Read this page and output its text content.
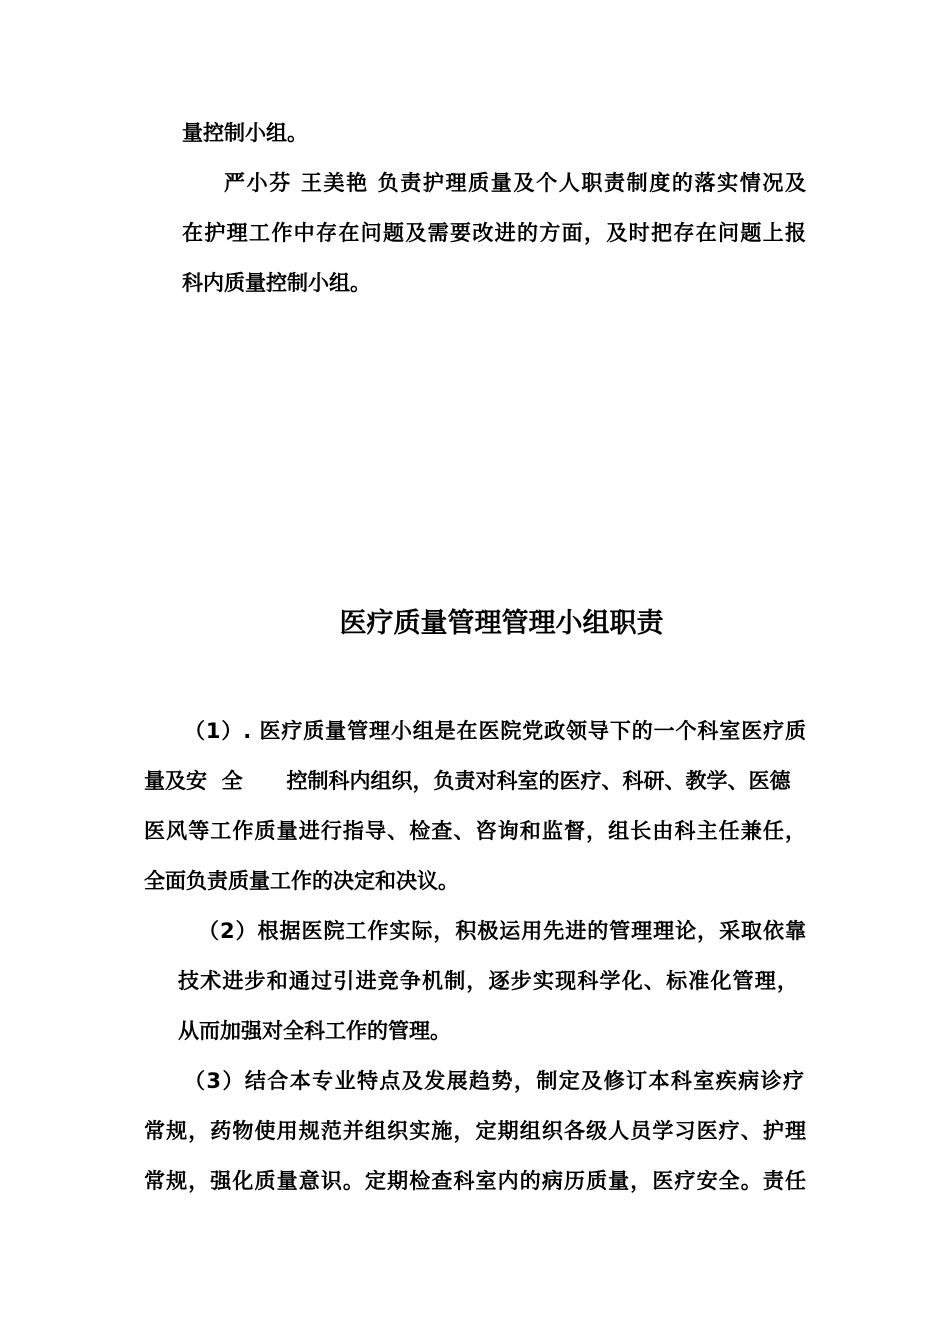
量控制小组。

严小芬 王美艳 负责护理质量及个人职责制度的落实情况及

在护理工作中存在问题及需要改进的方面，及时把存在问题上报

科内质量控制小组。

医疗质量管理管理小组职责

（1）. 医疗质量管理小组是在医院党政领导下的一个科室医疗质

量及安  全      控制科内组织，负责对科室的医疗、科研、教学、医德

医风等工作质量进行指导、检查、咨询和监督，组长由科主任兼任，

全面负责质量工作的决定和决议。

（2）根据医院工作实际，积极运用先进的管理理论，采取依靠

技术进步和通过引进竞争机制，逐步实现科学化、标准化管理，

从而加强对全科工作的管理。

（3）结合本专业特点及发展趋势，制定及修订本科室疾病诊疗

常规，药物使用规范并组织实施，定期组织各级人员学习医疗、护理

常规，强化质量意识。定期检查科室内的病历质量，医疗安全。责任
